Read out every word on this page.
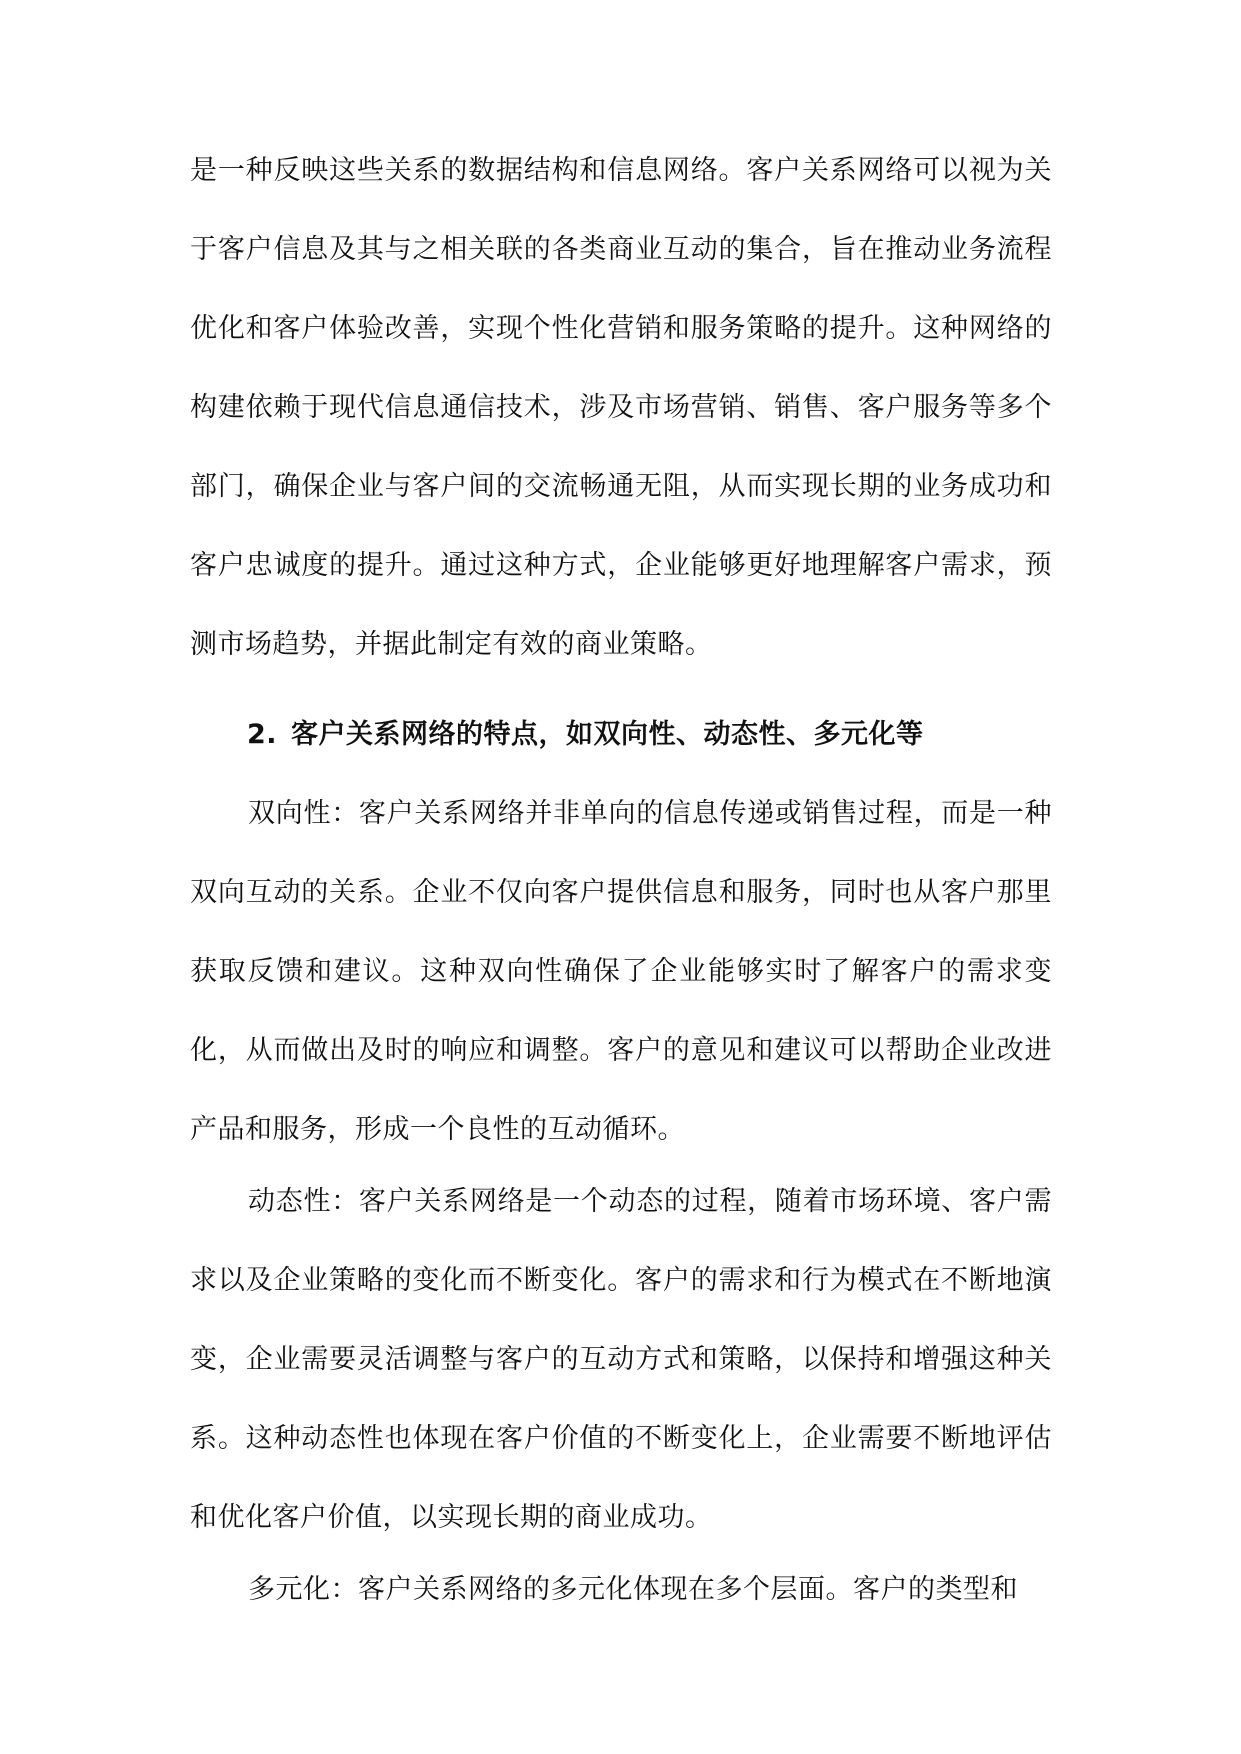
是一种反映这些关系的数据结构和信息网络。客户关系网络可以视为关于客户信息及其与之相关联的各类商业互动的集合，旨在推动业务流程优化和客户体验改善，实现个性化营销和服务策略的提升。这种网络的构建依赖于现代信息通信技术，涉及市场营销、销售、客户服务等多个部门，确保企业与客户间的交流畅通无阻，从而实现长期的业务成功和客户忠诚度的提升。通过这种方式，企业能够更好地理解客户需求，预测市场趋势，并据此制定有效的商业策略。

2. 客户关系网络的特点，如双向性、动态性、多元化等

双向性：客户关系网络并非单向的信息传递或销售过程，而是一种双向互动的关系。企业不仅向客户提供信息和服务，同时也从客户那里获取反馈和建议。这种双向性确保了企业能够实时了解客户的需求变化，从而做出及时的响应和调整。客户的意见和建议可以帮助企业改进产品和服务，形成一个良性的互动循环。

动态性：客户关系网络是一个动态的过程，随着市场环境、客户需求以及企业策略的变化而不断变化。客户的需求和行为模式在不断地演变，企业需要灵活调整与客户的互动方式和策略，以保持和增强这种关系。这种动态性也体现在客户价值的不断变化上，企业需要不断地评估和优化客户价值，以实现长期的商业成功。

多元化：客户关系网络的多元化体现在多个层面。客户的类型和
